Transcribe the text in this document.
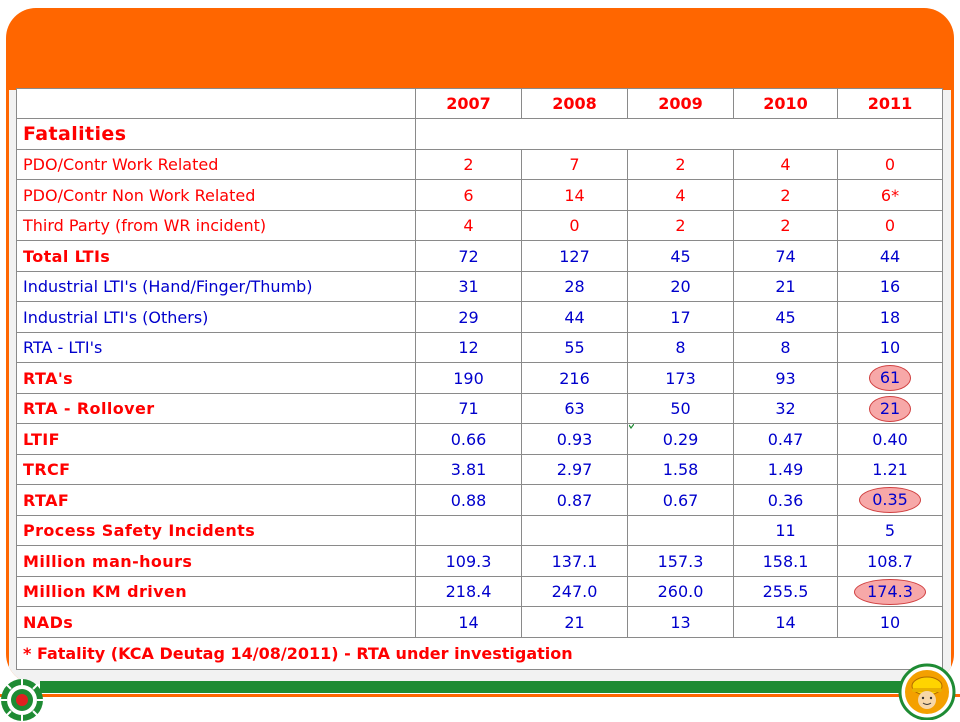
	2007	2008	2009	2010	2011
Fatalities					
PDO/Contr Work Related	2	7	2	4	0
PDO/Contr Non Work Related	6	14	4	2	6*
Third Party (from WR incident)	4	0	2	2	0
Total LTIs	72	127	45	74	44
Industrial LTI's (Hand/Finger/Thumb)	31	28	20	21	16
Industrial LTI's (Others)	29	44	17	45	18
RTA - LTI's	12	55	8	8	10
RTA's	190	216	173	93	61
RTA - Rollover	71	63	50	32	21
LTIF	0.66	0.93	0.29	0.47	0.40
TRCF	3.81	2.97	1.58	1.49	1.21
RTAF	0.88	0.87	0.67	0.36	0.35
Process Safety Incidents				11	5
Million man-hours	109.3	137.1	157.3	158.1	108.7
Million KM driven	218.4	247.0	260.0	255.5	174.3
NADs	14	21	13	14	10
* Fatality (KCA Deutag 14/08/2011) - RTA under investigation					
